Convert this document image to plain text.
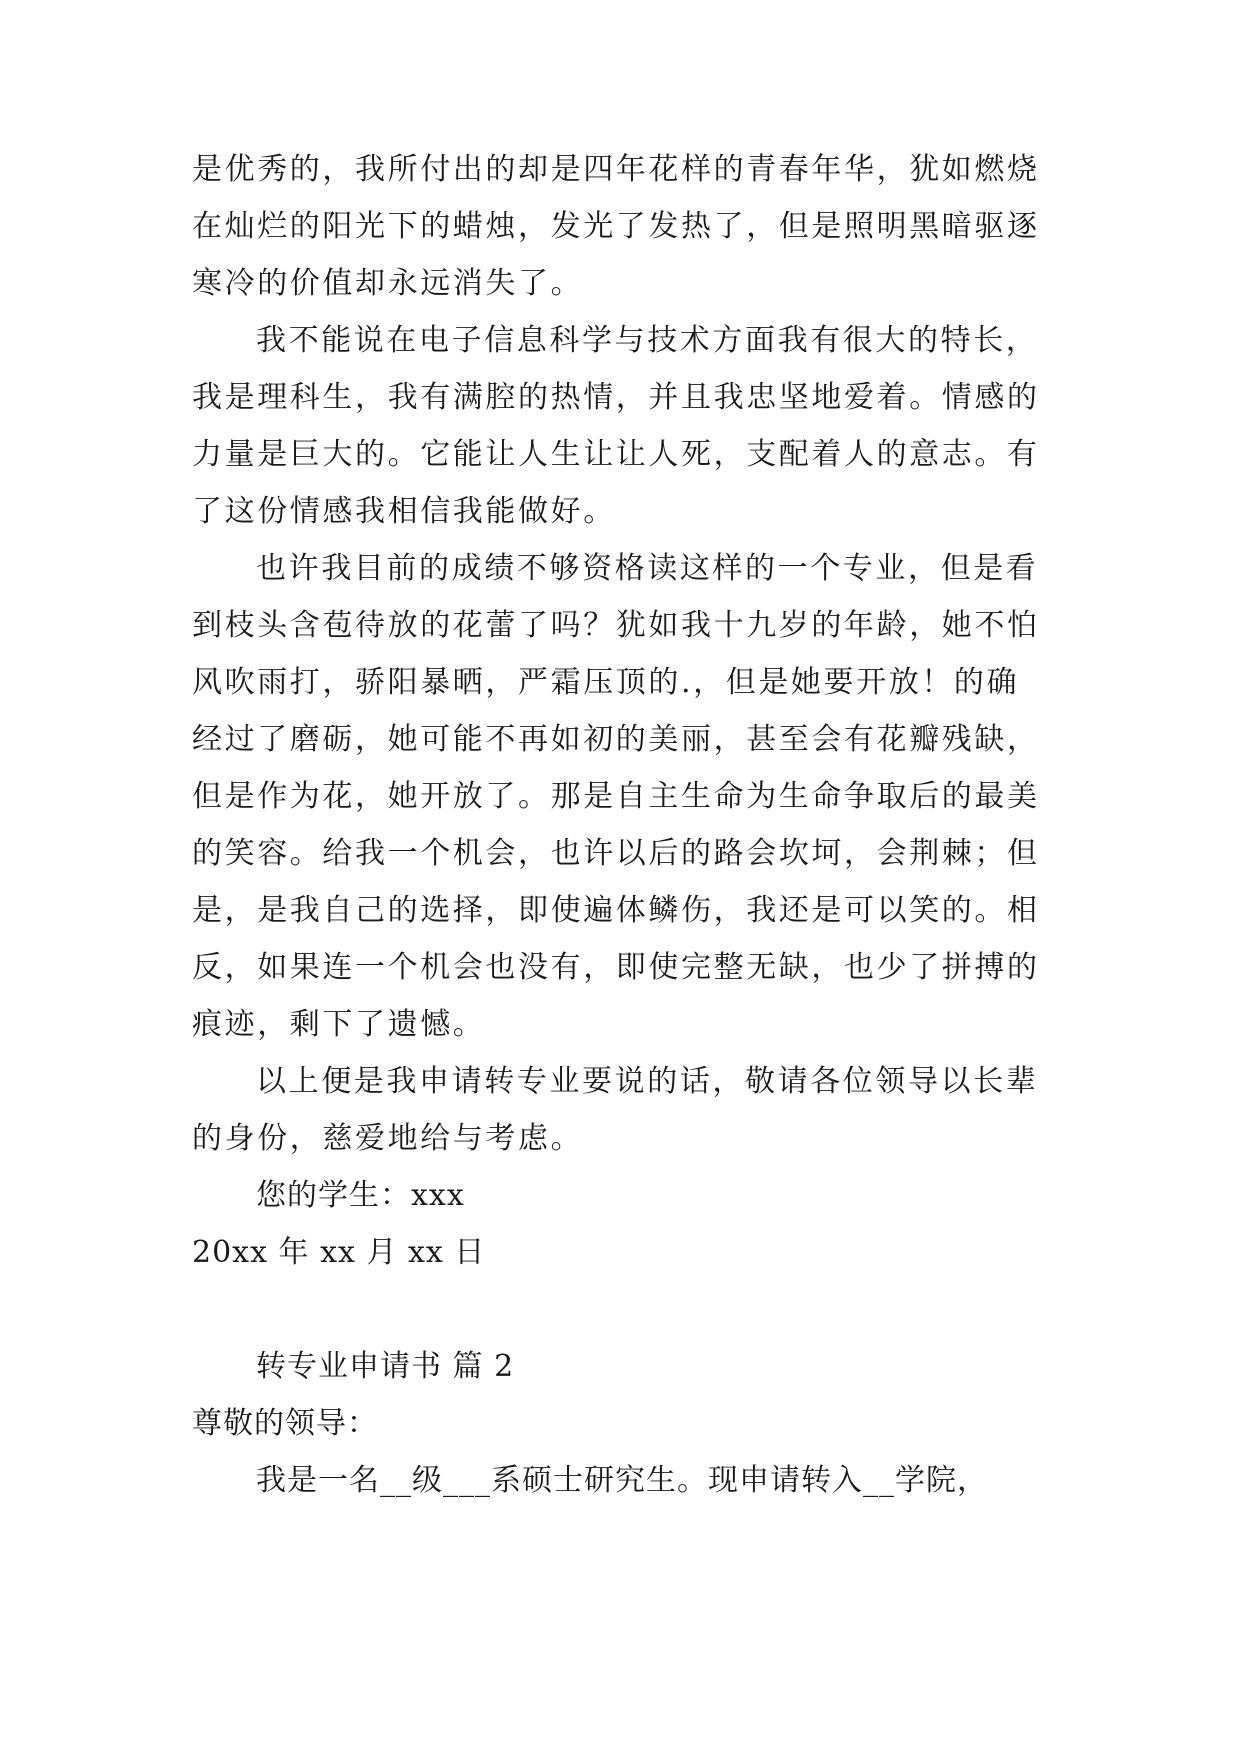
是优秀的，我所付出的却是四年花样的青春年华，犹如燃烧
在灿烂的阳光下的蜡烛，发光了发热了，但是照明黑暗驱逐
寒冷的价值却永远消失了。
我不能说在电子信息科学与技术方面我有很大的特长，
我是理科生，我有满腔的热情，并且我忠坚地爱着。情感的
力量是巨大的。它能让人生让让人死，支配着人的意志。有
了这份情感我相信我能做好。
也许我目前的成绩不够资格读这样的一个专业，但是看
到枝头含苞待放的花蕾了吗？犹如我十九岁的年龄，她不怕
风吹雨打，骄阳暴晒，严霜压顶的.，但是她要开放！的确
经过了磨砺，她可能不再如初的美丽，甚至会有花瓣残缺，
但是作为花，她开放了。那是自主生命为生命争取后的最美
的笑容。给我一个机会，也许以后的路会坎坷，会荆棘；但
是，是我自己的选择，即使遍体鳞伤，我还是可以笑的。相
反，如果连一个机会也没有，即使完整无缺，也少了拼搏的
痕迹，剩下了遗憾。
以上便是我申请转专业要说的话，敬请各位领导以长辈
的身份，慈爱地给与考虑。
您的学生：xxx
20xx 年 xx 月 xx 日
转专业申请书 篇 2
尊敬的领导：
我是一名__级___系硕士研究生。现申请转入__学院，
